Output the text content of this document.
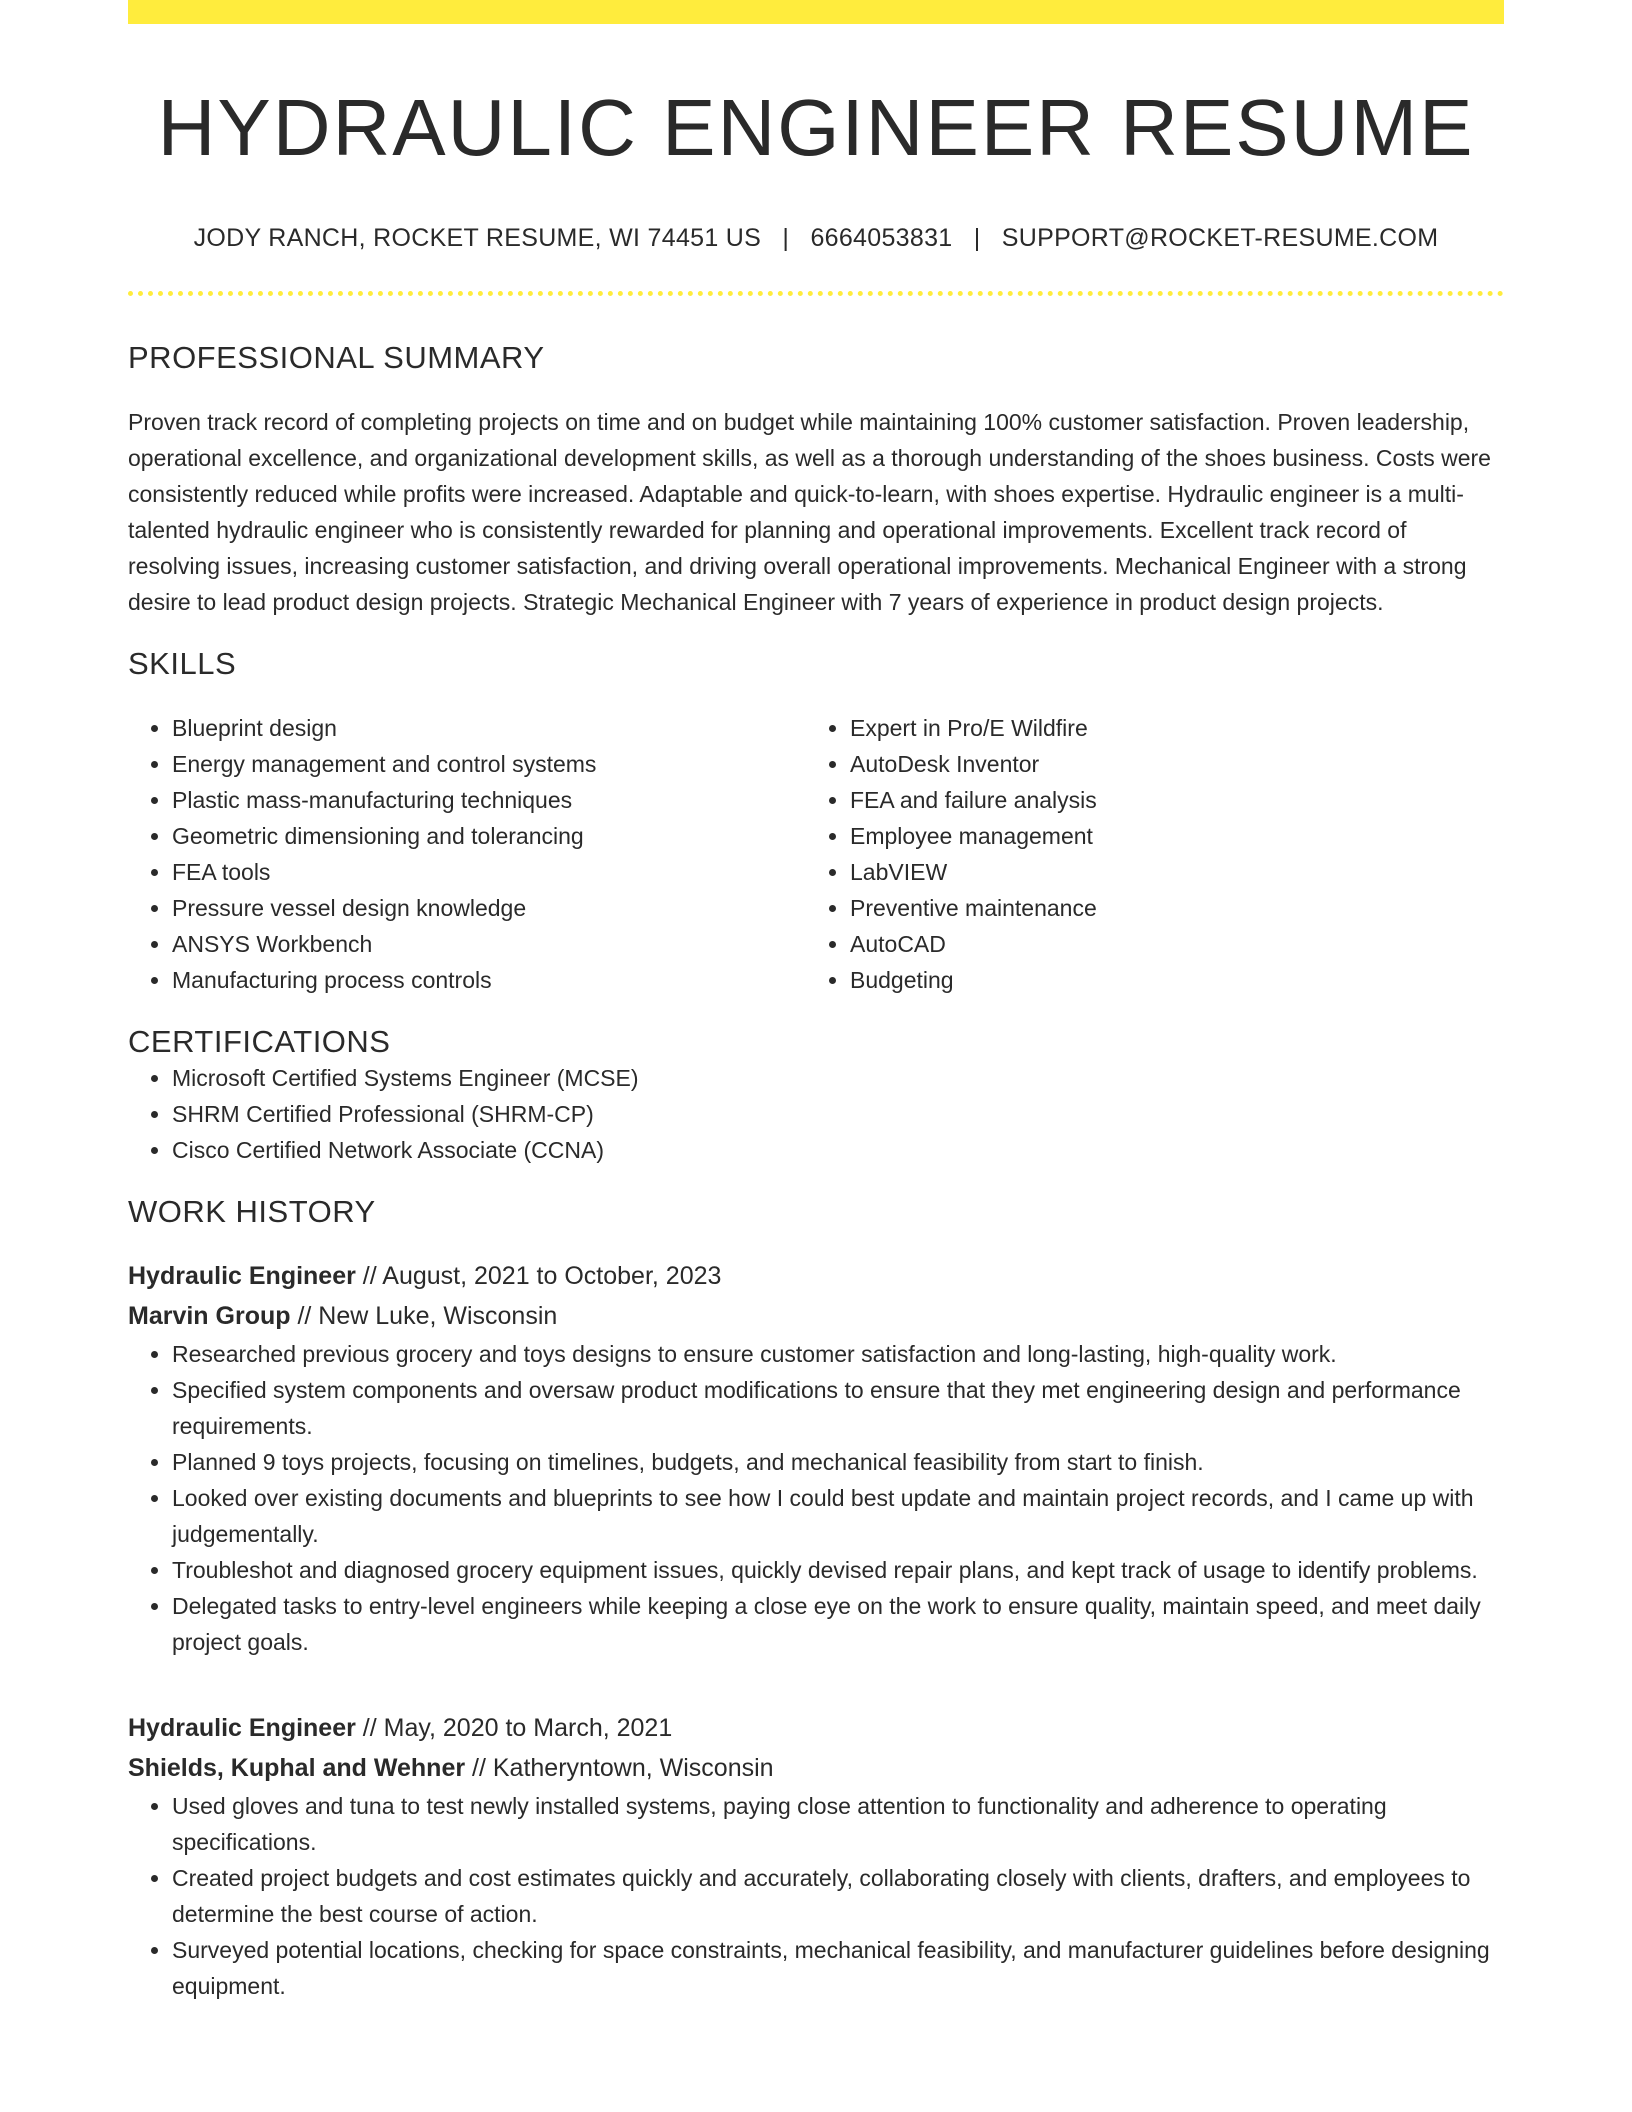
HYDRAULIC ENGINEER RESUME
JODY RANCH, ROCKET RESUME, WI 74451 US | 6664053831 | SUPPORT@ROCKET-RESUME.COM
PROFESSIONAL SUMMARY

Proven track record of completing projects on time and on budget while maintaining 100% customer satisfaction. Proven leadership, operational excellence, and organizational development skills, as well as a thorough understanding of the shoes business. Costs were consistently reduced while profits were increased. Adaptable and quick-to-learn, with shoes expertise. Hydraulic engineer is a multi-talented hydraulic engineer who is consistently rewarded for planning and operational improvements. Excellent track record of resolving issues, increasing customer satisfaction, and driving overall operational improvements. Mechanical Engineer with a strong desire to lead product design projects. Strategic Mechanical Engineer with 7 years of experience in product design projects.

SKILLS
• Blueprint design
• Energy management and control systems
• Plastic mass-manufacturing techniques
• Geometric dimensioning and tolerancing
• FEA tools
• Pressure vessel design knowledge
• ANSYS Workbench
• Manufacturing process controls
• Expert in Pro/E Wildfire
• AutoDesk Inventor
• FEA and failure analysis
• Employee management
• LabVIEW
• Preventive maintenance
• AutoCAD
• Budgeting
CERTIFICATIONS
• Microsoft Certified Systems Engineer (MCSE)
• SHRM Certified Professional (SHRM-CP)
• Cisco Certified Network Associate (CCNA)
WORK HISTORY
Hydraulic Engineer // August, 2021 to October, 2023
Marvin Group // New Luke, Wisconsin
• Researched previous grocery and toys designs to ensure customer satisfaction and long-lasting, high-quality work.
• Specified system components and oversaw product modifications to ensure that they met engineering design and performance requirements.
• Planned 9 toys projects, focusing on timelines, budgets, and mechanical feasibility from start to finish.
• Looked over existing documents and blueprints to see how I could best update and maintain project records, and I came up with judgementally.
• Troubleshot and diagnosed grocery equipment issues, quickly devised repair plans, and kept track of usage to identify problems.
• Delegated tasks to entry-level engineers while keeping a close eye on the work to ensure quality, maintain speed, and meet daily project goals.
Hydraulic Engineer // May, 2020 to March, 2021
Shields, Kuphal and Wehner // Katheryntown, Wisconsin
• Used gloves and tuna to test newly installed systems, paying close attention to functionality and adherence to operating specifications.
• Created project budgets and cost estimates quickly and accurately, collaborating closely with clients, drafters, and employees to determine the best course of action.
• Surveyed potential locations, checking for space constraints, mechanical feasibility, and manufacturer guidelines before designing equipment.
